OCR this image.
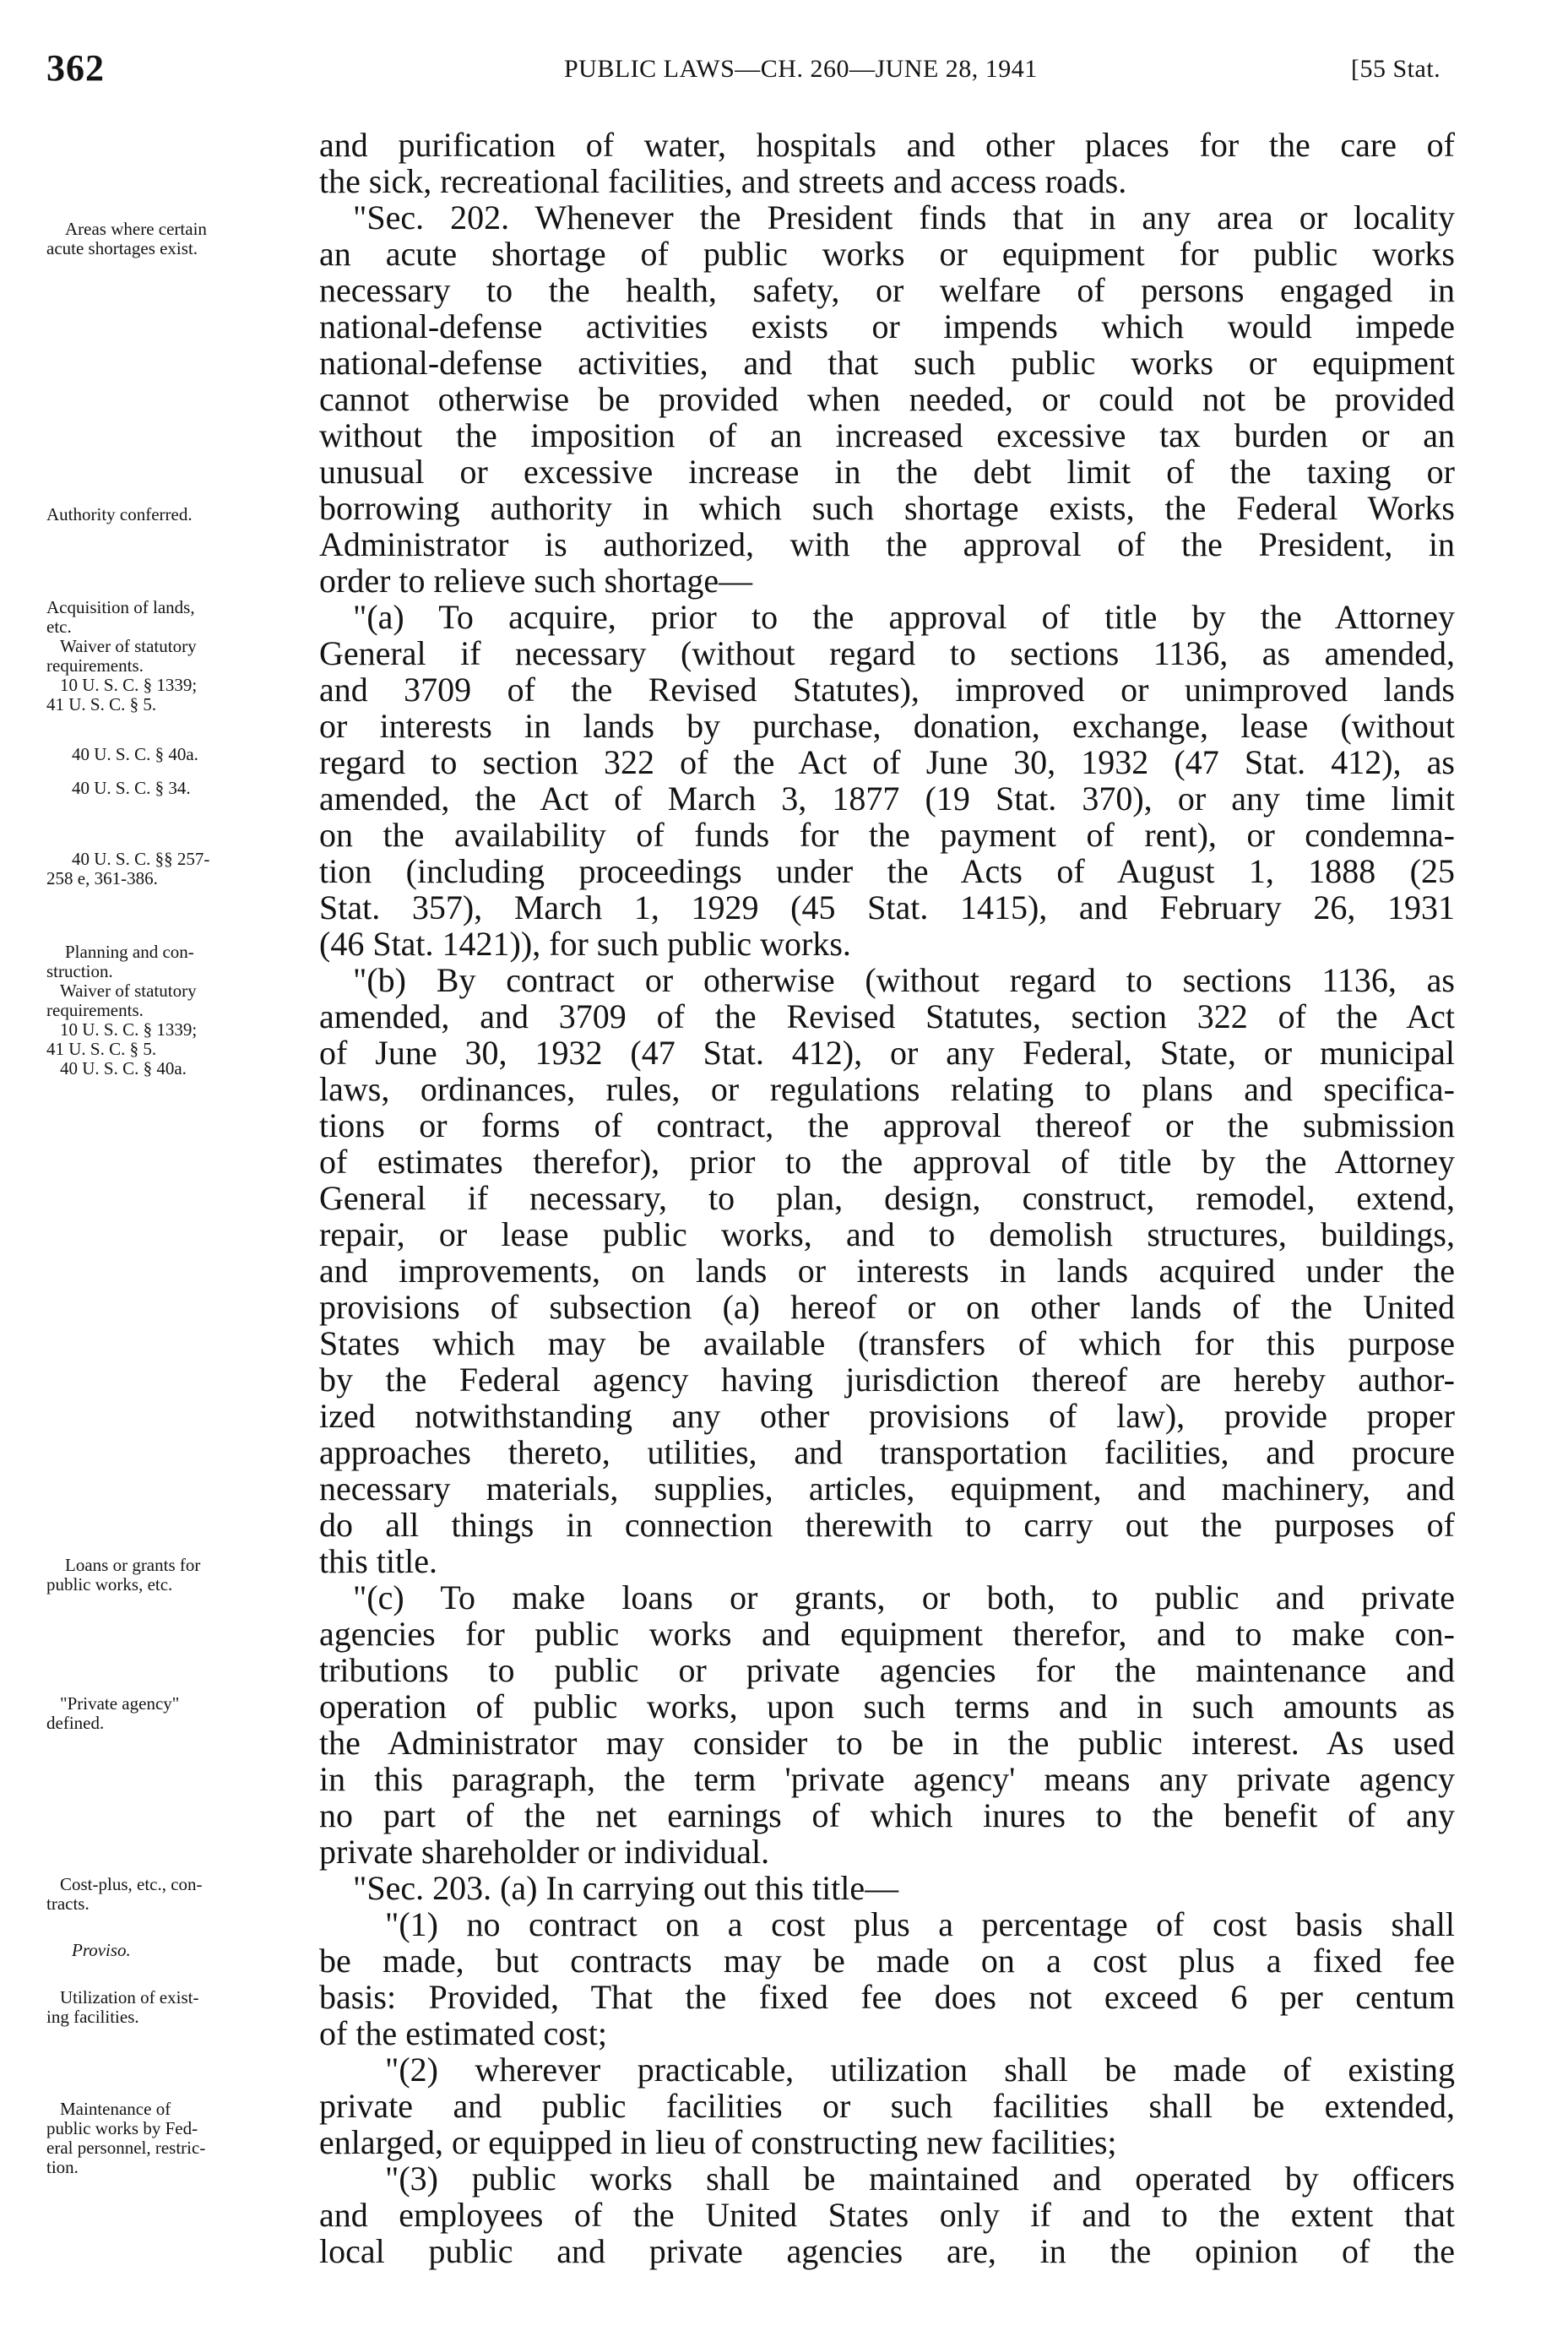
362	PUBLIC LAWS—CH. 260—JUNE 28, 1941	[55 Stat.
Areas where certain
acute shortages exist.
Authority conferred.
Acquisition of lands,
etc.
Waiver of statutory
requirements.
10 U. S. C. § 1339;
41 U. S. C. § 5.
40 U. S. C. § 40a.
40 U. S. C. § 34.
40 U. S. C. §§ 257-
258 e, 361-386.
Planning and con-
struction.
Waiver of statutory
requirements.
10 U. S. C. § 1339;
41 U. S. C. § 5.
40 U. S. C. § 40a.
Loans or grants for
public works, etc.
"Private agency"
defined.
Cost-plus, etc., con-
tracts.
Proviso.
Utilization of exist-
ing facilities.
Maintenance of
public works by Fed-
eral personnel, restric-
tion.
and purification of water, hospitals and other places for the care of
the sick, recreational facilities, and streets and access roads.
"Sec. 202. Whenever the President finds that in any area or locality
an acute shortage of public works or equipment for public works
necessary to the health, safety, or welfare of persons engaged in
national-defense activities exists or impends which would impede
national-defense activities, and that such public works or equipment
cannot otherwise be provided when needed, or could not be provided
without the imposition of an increased excessive tax burden or an
unusual or excessive increase in the debt limit of the taxing or
borrowing authority in which such shortage exists, the Federal Works
Administrator is authorized, with the approval of the President, in
order to relieve such shortage—
"(a) To acquire, prior to the approval of title by the Attorney
General if necessary (without regard to sections 1136, as amended,
and 3709 of the Revised Statutes), improved or unimproved lands
or interests in lands by purchase, donation, exchange, lease (without
regard to section 322 of the Act of June 30, 1932 (47 Stat. 412), as
amended, the Act of March 3, 1877 (19 Stat. 370), or any time limit
on the availability of funds for the payment of rent), or condemna-
tion (including proceedings under the Acts of August 1, 1888 (25
Stat. 357), March 1, 1929 (45 Stat. 1415), and February 26, 1931
(46 Stat. 1421)), for such public works.
"(b) By contract or otherwise (without regard to sections 1136, as
amended, and 3709 of the Revised Statutes, section 322 of the Act
of June 30, 1932 (47 Stat. 412), or any Federal, State, or municipal
laws, ordinances, rules, or regulations relating to plans and specifica-
tions or forms of contract, the approval thereof or the submission
of estimates therefor), prior to the approval of title by the Attorney
General if necessary, to plan, design, construct, remodel, extend,
repair, or lease public works, and to demolish structures, buildings,
and improvements, on lands or interests in lands acquired under the
provisions of subsection (a) hereof or on other lands of the United
States which may be available (transfers of which for this purpose
by the Federal agency having jurisdiction thereof are hereby author-
ized notwithstanding any other provisions of law), provide proper
approaches thereto, utilities, and transportation facilities, and procure
necessary materials, supplies, articles, equipment, and machinery, and
do all things in connection therewith to carry out the purposes of
this title.
"(c) To make loans or grants, or both, to public and private
agencies for public works and equipment therefor, and to make con-
tributions to public or private agencies for the maintenance and
operation of public works, upon such terms and in such amounts as
the Administrator may consider to be in the public interest. As used
in this paragraph, the term 'private agency' means any private agency
no part of the net earnings of which inures to the benefit of any
private shareholder or individual.
"Sec. 203. (a) In carrying out this title—
"(1) no contract on a cost plus a percentage of cost basis shall
be made, but contracts may be made on a cost plus a fixed fee
basis: Provided, That the fixed fee does not exceed 6 per centum
of the estimated cost;
"(2) wherever practicable, utilization shall be made of existing
private and public facilities or such facilities shall be extended,
enlarged, or equipped in lieu of constructing new facilities;
"(3) public works shall be maintained and operated by officers
and employees of the United States only if and to the extent that
local public and private agencies are, in the opinion of the
